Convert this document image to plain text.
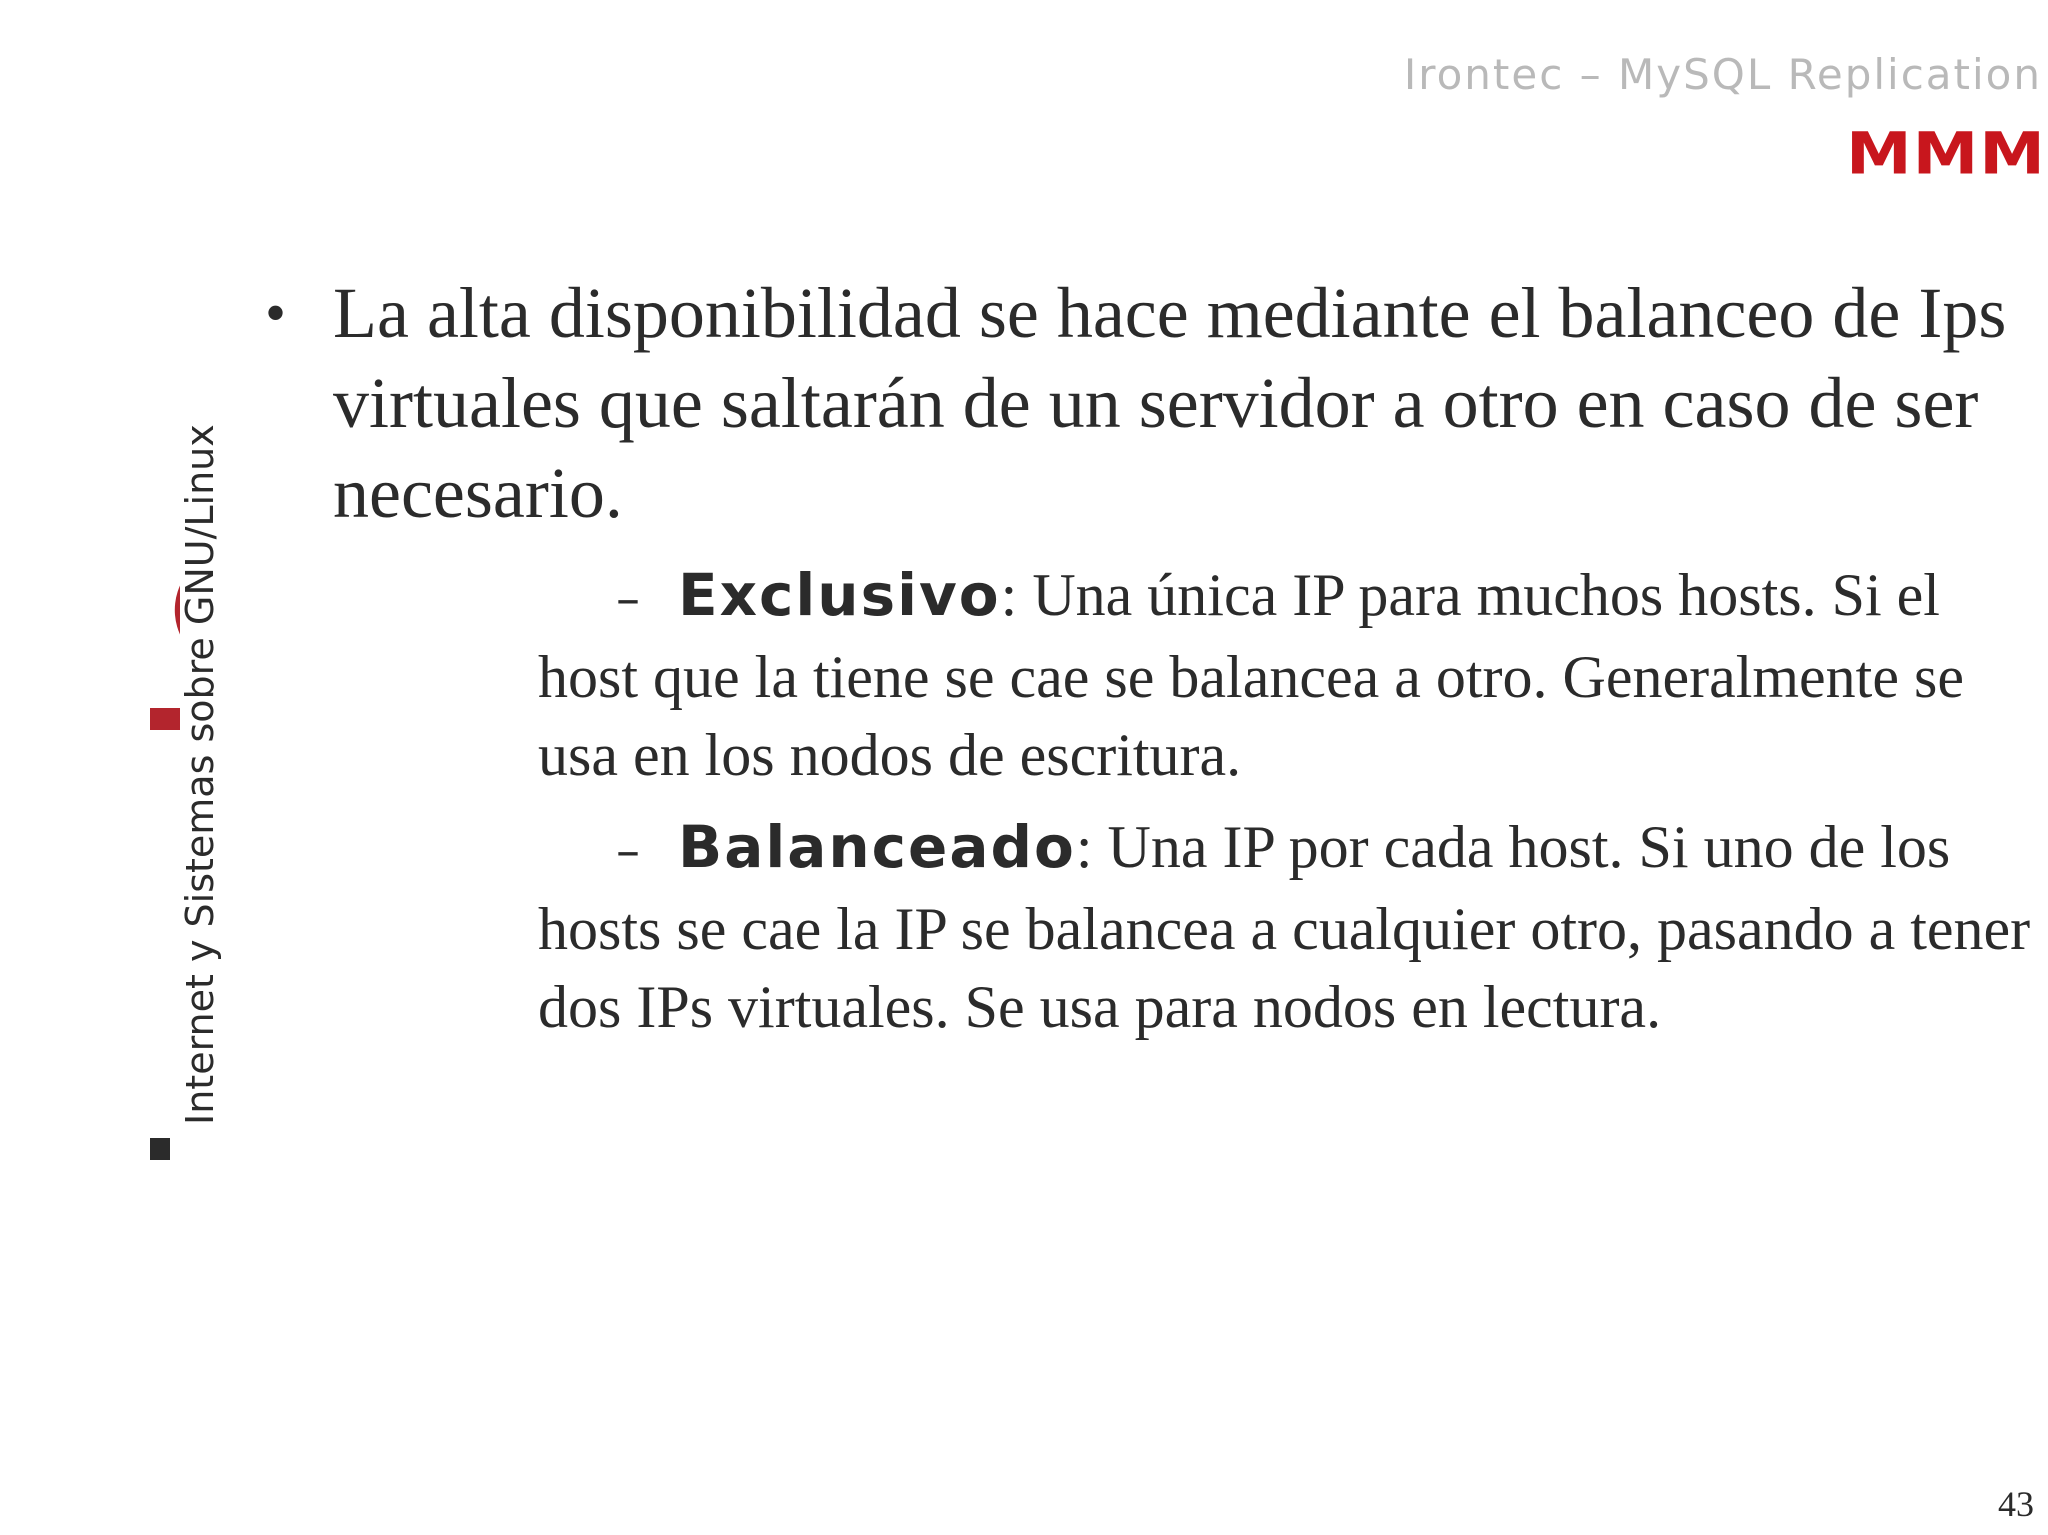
Irontec – MySQL Replication
MMM
Internet y Sistemas sobre GNU/Linux
• La alta disponibilidad se hace mediante el balanceo de Ips virtuales que saltarán de un servidor a otro en caso de ser necesario.
– Exclusivo: Una única IP para muchos hosts. Si el host que la tiene se cae se balancea a otro. Generalmente se usa en los nodos de escritura.
– Balanceado: Una IP por cada host. Si uno de los hosts se cae la IP se balancea a cualquier otro, pasando a tener dos IPs virtuales. Se usa para nodos en lectura.
43
